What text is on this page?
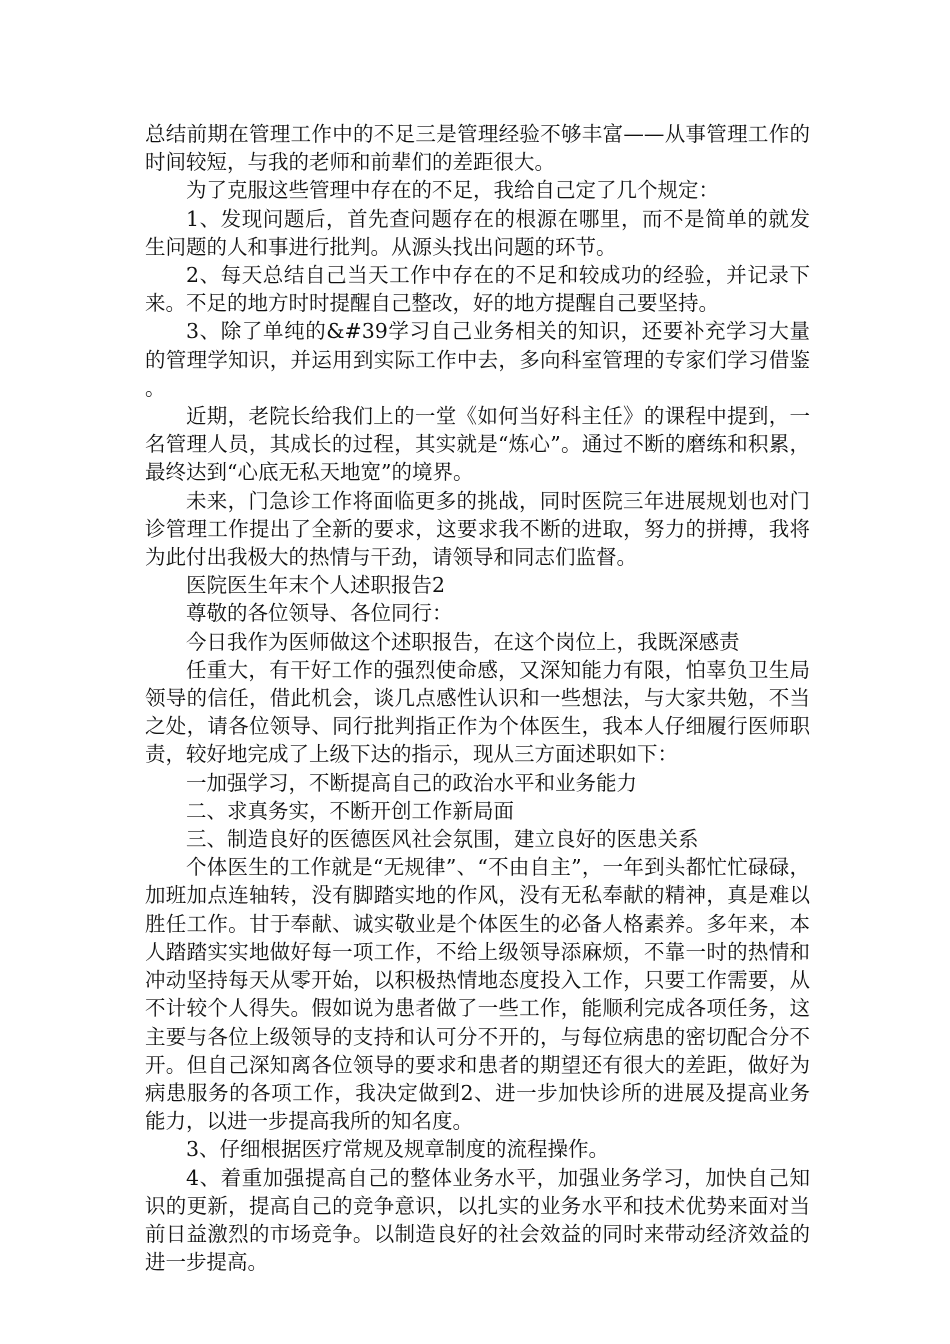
总结前期在管理工作中的不足三是管理经验不够丰富——从事管理工作的时间较短，与我的老师和前辈们的差距很大。

为了克服这些管理中存在的不足，我给自己定了几个规定：

1、发现问题后，首先查问题存在的根源在哪里，而不是简单的就发生问题的人和事进行批判。从源头找出问题的环节。

2、每天总结自己当天工作中存在的不足和较成功的经验，并记录下来。不足的地方时时提醒自己整改，好的地方提醒自己要坚持。

3、除了单纯的&#39学习自己业务相关的知识，还要补充学习大量的管理学知识，并运用到实际工作中去，多向科室管理的专家们学习借鉴。

近期，老院长给我们上的一堂《如何当好科主任》的课程中提到，一名管理人员，其成长的过程，其实就是“炼心”。通过不断的磨练和积累，最终达到“心底无私天地宽”的境界。

未来，门急诊工作将面临更多的挑战，同时医院三年进展规划也对门诊管理工作提出了全新的要求，这要求我不断的进取，努力的拼搏，我将为此付出我极大的热情与干劲，请领导和同志们监督。

医院医生年末个人述职报告2

尊敬的各位领导、各位同行：

今日我作为医师做这个述职报告，在这个岗位上，我既深感责

任重大，有干好工作的强烈使命感，又深知能力有限，怕辜负卫生局领导的信任，借此机会，谈几点感性认识和一些想法，与大家共勉，不当之处，请各位领导、同行批判指正作为个体医生，我本人仔细履行医师职责，较好地完成了上级下达的指示，现从三方面述职如下：

一加强学习，不断提高自己的政治水平和业务能力

二、求真务实，不断开创工作新局面

三、制造良好的医德医风社会氛围，建立良好的医患关系

个体医生的工作就是“无规律”、“不由自主”，一年到头都忙忙碌碌，加班加点连轴转，没有脚踏实地的作风，没有无私奉献的精神，真是难以胜任工作。甘于奉献、诚实敬业是个体医生的必备人格素养。多年来，本人踏踏实实地做好每一项工作，不给上级领导添麻烦，不靠一时的热情和冲动坚持每天从零开始，以积极热情地态度投入工作，只要工作需要，从不计较个人得失。假如说为患者做了一些工作，能顺利完成各项任务，这主要与各位上级领导的支持和认可分不开的，与每位病患的密切配合分不开。但自己深知离各位领导的要求和患者的期望还有很大的差距，做好为病患服务的各项工作，我决定做到2、进一步加快诊所的进展及提高业务能力，以进一步提高我所的知名度。

3、仔细根据医疗常规及规章制度的流程操作。

4、着重加强提高自己的整体业务水平，加强业务学习，加快自己知识的更新，提高自己的竞争意识，以扎实的业务水平和技术优势来面对当前日益激烈的市场竞争。以制造良好的社会效益的同时来带动经济效益的进一步提高。
